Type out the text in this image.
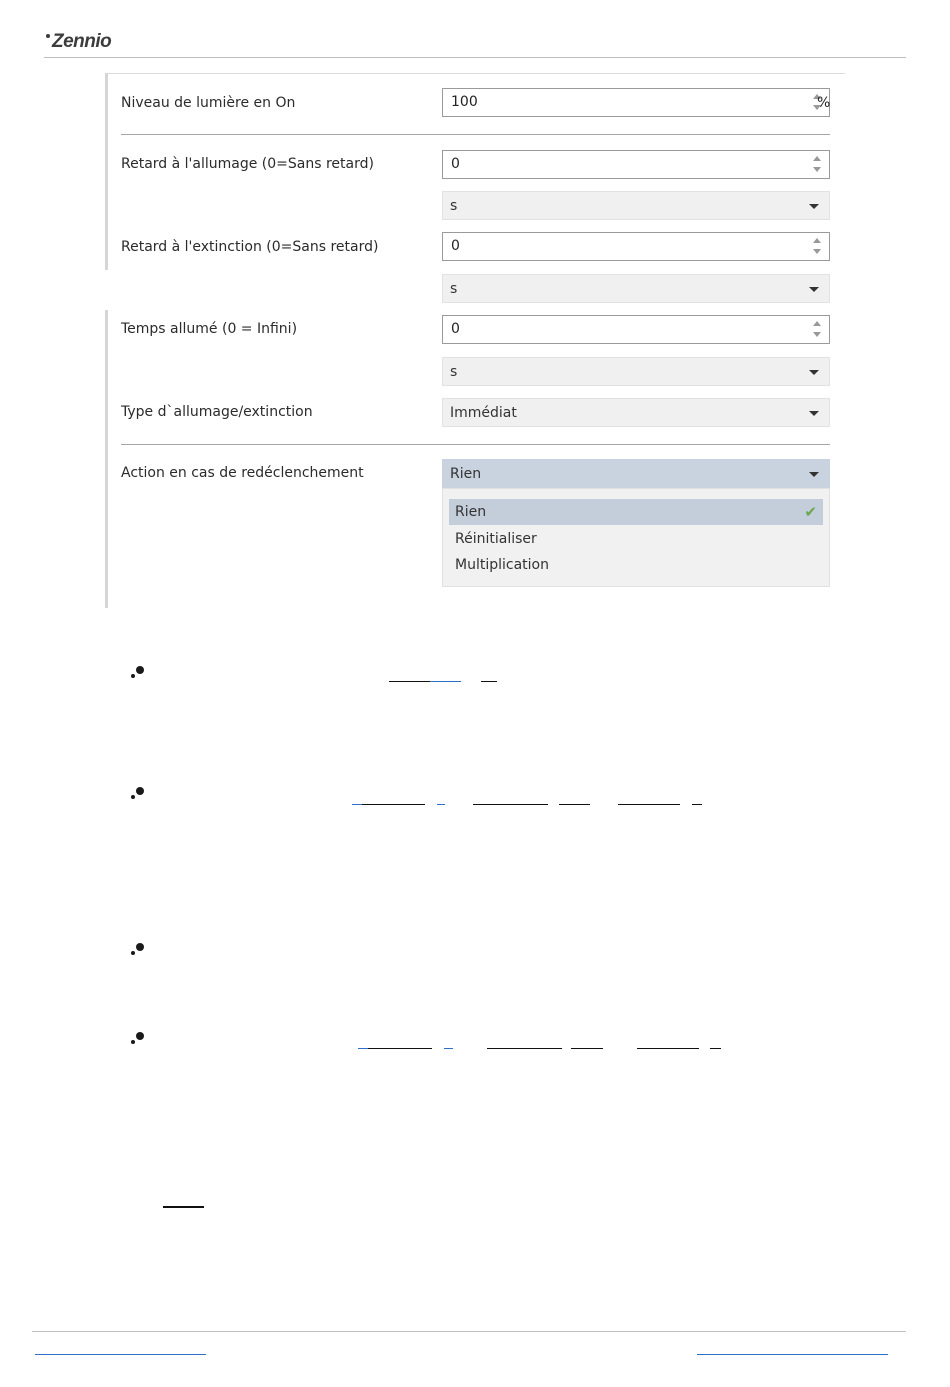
Zennio
Niveau de lumière en On	100	%
Retard à l'allumage (0=Sans retard)	0
s
Retard à l'extinction (0=Sans retard)	0
s
Temps allumé (0 = Infini)	0
s
Type d`allumage/extinction	Immédiat
Action en cas de redéclenchement	Rien
Rien	✔
Réinitialiser
Multiplication
